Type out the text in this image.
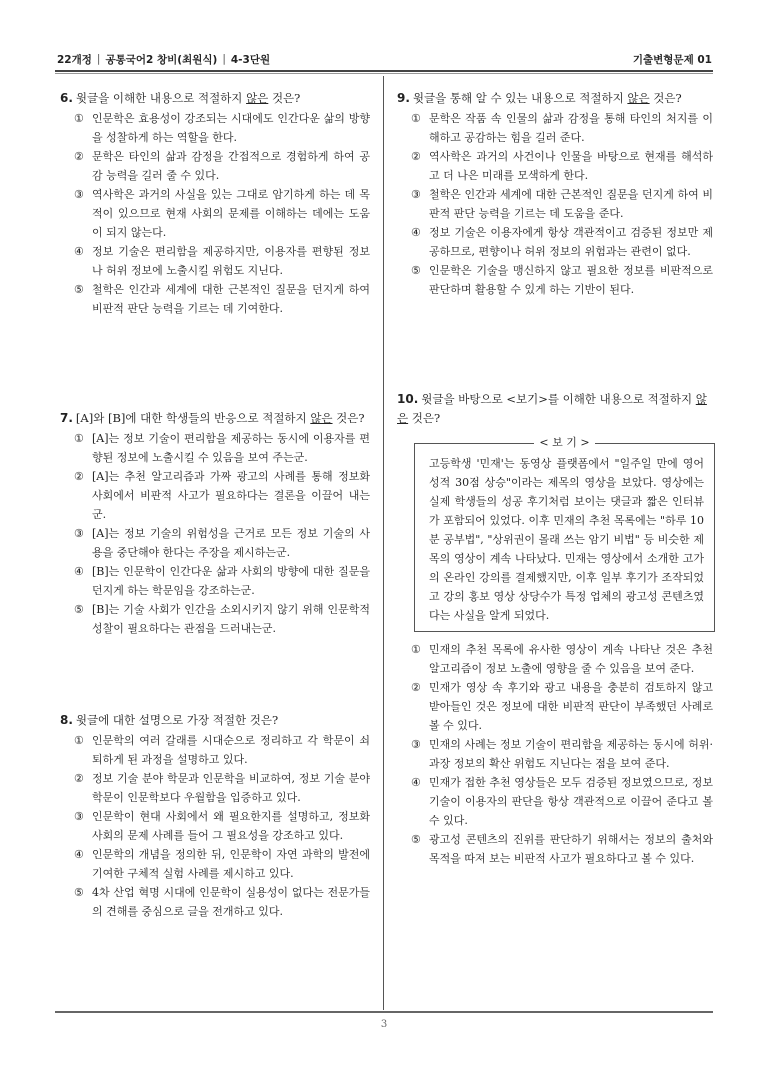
22개정 | 공통국어2 창비(최원식) | 4-3단원	기출변형문제 01

6. 윗글을 이해한 내용으로 적절하지 않은 것은?

① 인문학은 효용성이 강조되는 시대에도 인간다운 삶의 방향을 성찰하게 하는 역할을 한다.
② 문학은 타인의 삶과 감정을 간접적으로 경험하게 하여 공감 능력을 길러 줄 수 있다.
③ 역사학은 과거의 사실을 있는 그대로 암기하게 하는 데 목적이 있으므로 현재 사회의 문제를 이해하는 데에는 도움이 되지 않는다.
④ 정보 기술은 편리함을 제공하지만, 이용자를 편향된 정보나 허위 정보에 노출시킬 위험도 지닌다.
⑤ 철학은 인간과 세계에 대한 근본적인 질문을 던지게 하여 비판적 판단 능력을 기르는 데 기여한다.

7. [A]와 [B]에 대한 학생들의 반응으로 적절하지 않은 것은?

① [A]는 정보 기술이 편리함을 제공하는 동시에 이용자를 편향된 정보에 노출시킬 수 있음을 보여 주는군.
② [A]는 추천 알고리즘과 가짜 광고의 사례를 통해 정보화 사회에서 비판적 사고가 필요하다는 결론을 이끌어 내는군.
③ [A]는 정보 기술의 위험성을 근거로 모든 정보 기술의 사용을 중단해야 한다는 주장을 제시하는군.
④ [B]는 인문학이 인간다운 삶과 사회의 방향에 대한 질문을 던지게 하는 학문임을 강조하는군.
⑤ [B]는 기술 사회가 인간을 소외시키지 않기 위해 인문학적 성찰이 필요하다는 관점을 드러내는군.

8. 윗글에 대한 설명으로 가장 적절한 것은?

① 인문학의 여러 갈래를 시대순으로 정리하고 각 학문이 쇠퇴하게 된 과정을 설명하고 있다.
② 정보 기술 분야 학문과 인문학을 비교하여, 정보 기술 분야 학문이 인문학보다 우월함을 입증하고 있다.
③ 인문학이 현대 사회에서 왜 필요한지를 설명하고, 정보화 사회의 문제 사례를 들어 그 필요성을 강조하고 있다.
④ 인문학의 개념을 정의한 뒤, 인문학이 자연 과학의 발전에 기여한 구체적 실험 사례를 제시하고 있다.
⑤ 4차 산업 혁명 시대에 인문학이 실용성이 없다는 전문가들의 견해를 중심으로 글을 전개하고 있다.

9. 윗글을 통해 알 수 있는 내용으로 적절하지 않은 것은?

① 문학은 작품 속 인물의 삶과 감정을 통해 타인의 처지를 이해하고 공감하는 힘을 길러 준다.
② 역사학은 과거의 사건이나 인물을 바탕으로 현재를 해석하고 더 나은 미래를 모색하게 한다.
③ 철학은 인간과 세계에 대한 근본적인 질문을 던지게 하여 비판적 판단 능력을 기르는 데 도움을 준다.
④ 정보 기술은 이용자에게 항상 객관적이고 검증된 정보만 제공하므로, 편향이나 허위 정보의 위험과는 관련이 없다.
⑤ 인문학은 기술을 맹신하지 않고 필요한 정보를 비판적으로 판단하며 활용할 수 있게 하는 기반이 된다.

10. 윗글을 바탕으로 <보기>를 이해한 내용으로 적절하지 않은 것은?

< 보 기 >
고등학생 '민재'는 동영상 플랫폼에서 "일주일 만에 영어 성적 30점 상승"이라는 제목의 영상을 보았다. 영상에는 실제 학생들의 성공 후기처럼 보이는 댓글과 짧은 인터뷰가 포함되어 있었다. 이후 민재의 추천 목록에는 "하루 10분 공부법", "상위권이 몰래 쓰는 암기 비법" 등 비슷한 제목의 영상이 계속 나타났다. 민재는 영상에서 소개한 고가의 온라인 강의를 결제했지만, 이후 일부 후기가 조작되었고 강의 홍보 영상 상당수가 특정 업체의 광고성 콘텐츠였다는 사실을 알게 되었다.
① 민재의 추천 목록에 유사한 영상이 계속 나타난 것은 추천 알고리즘이 정보 노출에 영향을 줄 수 있음을 보여 준다.
② 민재가 영상 속 후기와 광고 내용을 충분히 검토하지 않고 받아들인 것은 정보에 대한 비판적 판단이 부족했던 사례로 볼 수 있다.
③ 민재의 사례는 정보 기술이 편리함을 제공하는 동시에 허위·과장 정보의 확산 위험도 지닌다는 점을 보여 준다.
④ 민재가 접한 추천 영상들은 모두 검증된 정보였으므로, 정보 기술이 이용자의 판단을 항상 객관적으로 이끌어 준다고 볼 수 있다.
⑤ 광고성 콘텐츠의 진위를 판단하기 위해서는 정보의 출처와 목적을 따져 보는 비판적 사고가 필요하다고 볼 수 있다.
3
